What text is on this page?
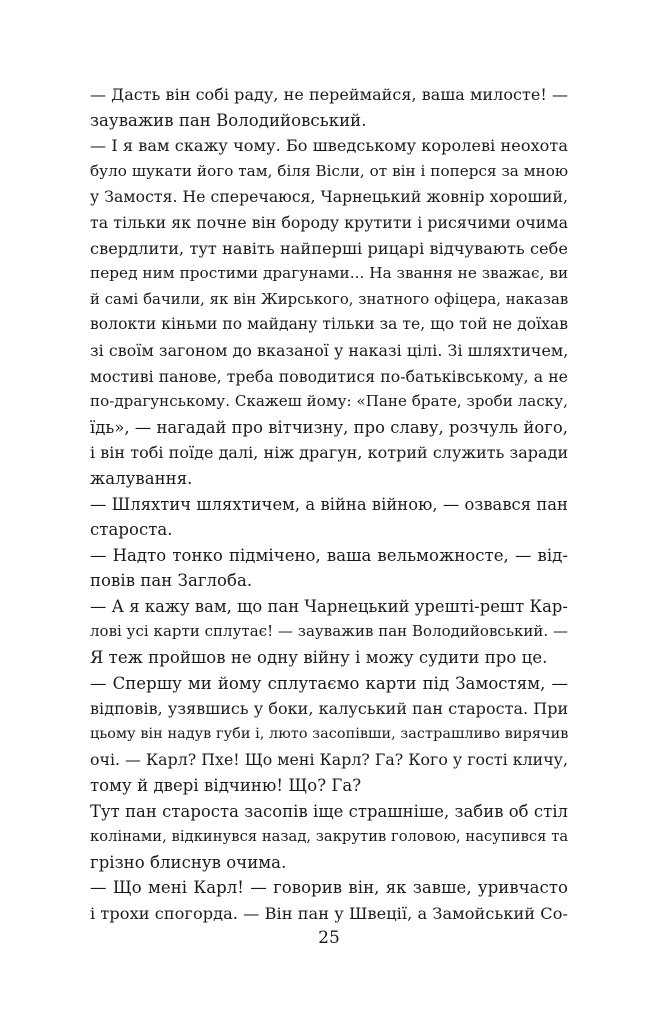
— Дасть він собі раду, не переймайся, ваша милосте! —
зауважив пан Володийовський.
— І я вам скажу чому. Бо шведському королеві неохота
було шукати його там, біля Вісли, от він і поперся за мною
у Замостя. Не сперечаюся, Чарнецький жовнір хороший,
та тільки як почне він бороду крутити і рисячими очима
свердлити, тут навіть найперші рицарі відчувають себе
перед ним простими драгунами... На звання не зважає, ви
й самі бачили, як він Жирського, знатного офіцера, наказав
волокти кіньми по майдану тільки за те, що той не доїхав
зі своїм загоном до вказаної у наказі цілі. Зі шляхтичем,
мостиві панове, треба поводитися по-батьківському, а не
по-драгунському. Скажеш йому: «Пане брате, зроби ласку,
їдь», — нагадай про вітчизну, про славу, розчуль його,
і він тобі поїде далі, ніж драгун, котрий служить заради
жалування.
— Шляхтич шляхтичем, а війна війною, — озвався пан
староста.
— Надто тонко підмічено, ваша вельможносте, — від-
повів пан Заглоба.
— А я кажу вам, що пан Чарнецький урешті-решт Кар-
лові усі карти сплутає! — зауважив пан Володийовський. —
Я теж пройшов не одну війну і можу судити про це.
— Спершу ми йому сплутаємо карти під Замостям, —
відповів, узявшись у боки, калуський пан староста. При
цьому він надув губи і, люто засопівши, застрашливо вирячив
очі. — Карл? Пхе! Що мені Карл? Га? Кого у гості кличу,
тому й двері відчиню! Що? Га?
Тут пан староста засопів іще страшніше, забив об стіл
колінами, відкинувся назад, закрутив головою, насупився та
грізно блиснув очима.
— Що мені Карл! — говорив він, як завше, уривчасто
і трохи спогорда. — Він пан у Швеції, а Замойський Со-
25
